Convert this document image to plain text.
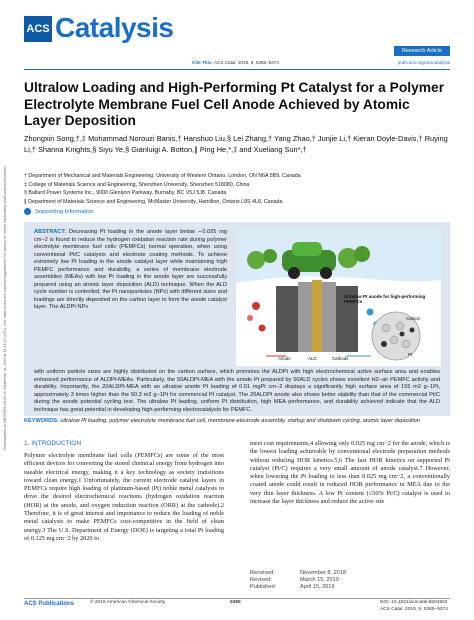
Downloaded via WESTERN UNIV on September 11, 2019 at 16:31:12 (UTC). See https://pubs.acs.org/sharingguidelines for options on how to legitimately share published articles.
ACS Catalysis
Research Article
Cite This: ACS Catal. 2019, 9, 5365−5374	pubs.acs.org/acscatalysis
Ultralow Loading and High-Performing Pt Catalyst for a Polymer Electrolyte Membrane Fuel Cell Anode Achieved by Atomic Layer Deposition
Zhongxin Song,†,‡ Mohammad Norouzi Banis,† Hanshuo Liu,§ Lei Zhang,† Yang Zhao,† Junjie Li,† Kieran Doyle-Davis,† Ruying Li,† Shanna Knights,§ Siyu Ye,§ Gianluigi A. Botton,∥ Ping He,*,‡ and Xueliang Sun*,†
† Department of Mechanical and Materials Engineering, University of Western Ontario, London, ON N6A 5B9, Canada
‡ College of Materials Science and Engineering, Shenzhen University, Shenzhen 518080, China
§ Ballard Power Systems Inc., 9000 Glenlyon Parkway, Burnaby, BC V5J 5J8, Canada
∥ Department of Materials Science and Engineering, McMaster University, Hamilton, Ontario L8S 4L8, Canada
Supporting Information
ABSTRACT: Decreasing Pt loading in the anode layer below ∼0.025 mg cm−2 is found to reduce the hydrogen oxidation reaction rate during polymer electrolyte membrane fuel cells (PEMFCs) normal operation, when using conventional Pt/C catalysts and electrode coating methods. To achieve extremely low Pt loading in the anode catalyst layer while maintaining high PEMFC performance and durability, a series of membrane electrode assemblies (MEAs) with low Pt loading in the anode layer are successfully prepared using an atomic layer deposition (ALD) technique. When the ALD cycle number is controlled, the Pt nanoparticles (NPs) with different sizes and loadings are directly deposited on the carbon layer to form the anode catalyst layer. The ALDPt NPs
Ultralow Pt anode for high-performing PEMFCs
Carbon
Pt
Anode	ALD	Cathode
with uniform particle sizes are highly distributed on the carbon surface, which promotes the ALDPt with high electrochemical active surface area and enables enhanced performance of ALDPt-MEAs. Particularly, the 50ALDPt-MEA with the anode Pt prepared by 50ALD cycles shows excellent H2−air PEMFC activity and durability. Importantly, the 20ALDPt-MEA with an ultralow anode Pt loading of 0.01 mgPt cm−2 displays a significantly high surface area of 155 m2 g−1Pt, approximately 3 times higher than the 50.3 m2 g−1Pt for commercial Pt catalyst. The 20ALDPt anode also shows better stability than that of the commercial Pt/C during the anode potential cycling test. The ultralow Pt loading, uniform Pt distribution, high MEA performance, and durability achieved indicate that the ALD technique has great potential in developing high-performing electrocatalysts for PEMFC.
KEYWORDS: ultralow Pt loading, polymer electrolyte membrane fuel cell, membrane-electrode assembly, startup and shutdown cycling, atomic layer deposition
1. INTRODUCTION
Polymer electrolyte membrane fuel cells (PEMFCs) are some of the most efficient devices for converting the stored chemical energy from hydrogen into useable electrical energy, making it a key technology as society transitions toward clean energy.1 Unfortunately, the current electrode catalyst layers in PEMFCs require high loading of platinum-based (Pt) noble metal catalysts to drive the desired electrochemical reactions (hydrogen oxidation reaction (HOR) at the anode, and oxygen reduction reaction (ORR) at the cathode).2 Therefore, it is of great interest and importance to reduce the loading of noble metal catalysts to make PEMFCs cost-competitive in the field of clean energy.3 The U.S. Department of Energy (DOE) is targeting a total Pt loading of 0.125 mg cm−2 by 2020 to
meet cost requirements,4 allowing only 0.025 mg cm−2 for the anode, which is the lowest loading achievable by conventional electrode preparation methods without reducing HOR kinetics.5,6 The fast HOR kinetics on supported Pt catalyst (Pt/C) requires a very small amount of anode catalyst.7 However, when lowering the Pt loading to less than 0.025 mg cm−2, a conventionally coated anode could result in reduced HOR performance in MEA due to the very thin layer thickness. A low Pt content (≤50% Pt/C) catalyst is used to increase the layer thickness and reduce the active site
Received:	November 8, 2018
Revised:	March 15, 2019
Published:	April 15, 2019
ACS Publications	© 2019 American Chemical Society	5365	DOI: 10.1021/acscatal.8b04504
ACS Catal. 2019, 9, 5365−5374
